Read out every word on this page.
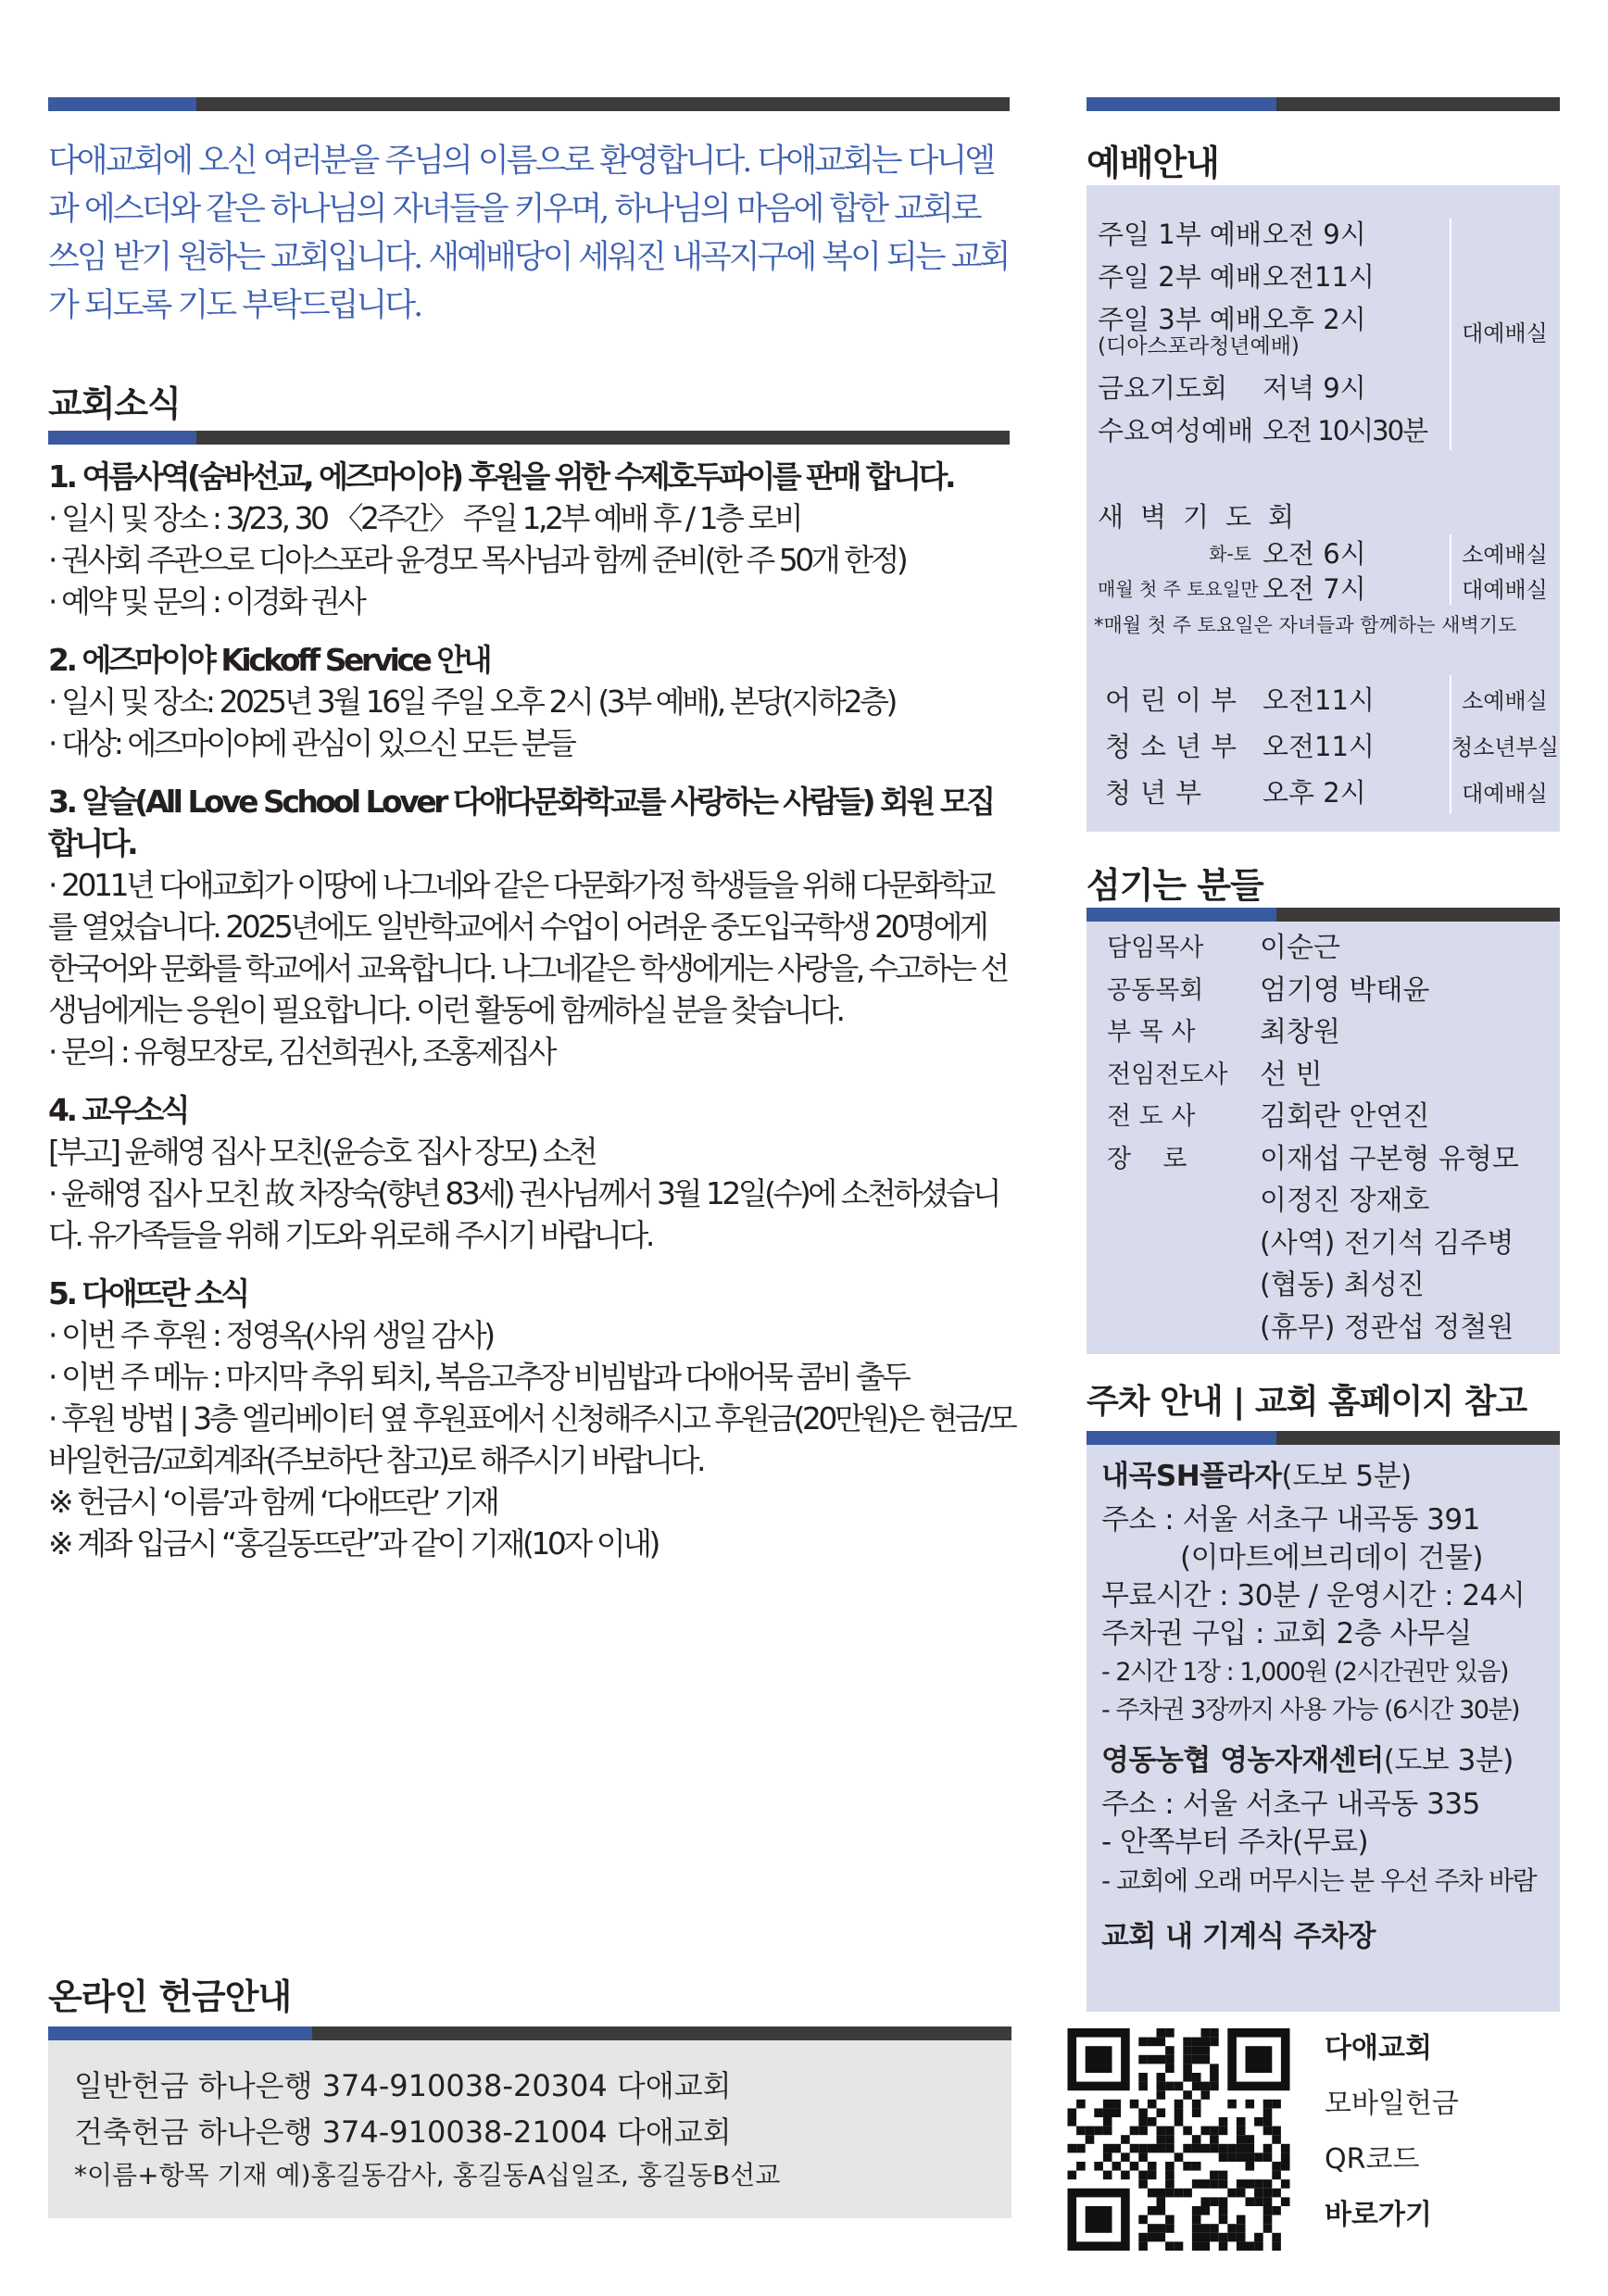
다애교회에 오신 여러분을 주님의 이름으로 환영합니다. 다애교회는 다니엘과 에스더와 같은 하나님의 자녀들을 키우며, 하나님의 마음에 합한 교회로 쓰임 받기 원하는 교회입니다. 새예배당이 세워진 내곡지구에 복이 되는 교회가 되도록 기도 부탁드립니다.

교회소식
1. 여름사역(숨바선교, 에즈마이야) 후원을 위한 수제호두파이를 판매 합니다.
· 일시 및 장소 : 3/23, 30 〈2주간〉 주일 1,2부 예배 후 / 1층 로비
· 권사회 주관으로 디아스포라 윤경모 목사님과 함께 준비(한 주 50개 한정)
· 예약 및 문의 : 이경화 권사
2. 에즈마이야 Kickoff Service 안내
· 일시 및 장소: 2025년 3월 16일 주일 오후 2시 (3부 예배), 본당(지하2층)
· 대상: 에즈마이야에 관심이 있으신 모든 분들
3. 알슬(All Love School Lover 다애다문화학교를 사랑하는 사람들) 회원 모집합니다.
· 2011년 다애교회가 이땅에 나그네와 같은 다문화가정 학생들을 위해 다문화학교를 열었습니다. 2025년에도 일반학교에서 수업이 어려운 중도입국학생 20명에게 한국어와 문화를 학교에서 교육합니다. 나그네같은 학생에게는 사랑을, 수고하는 선생님에게는 응원이 필요합니다. 이런 활동에 함께하실 분을 찾습니다.
· 문의 : 유형모장로, 김선희권사, 조홍제집사
4. 교우소식
[부고] 윤해영 집사 모친(윤승호 집사 장모) 소천
· 윤해영 집사 모친 故 차장숙(향년 83세) 권사님께서 3월 12일(수)에 소천하셨습니다. 유가족들을 위해 기도와 위로해 주시기 바랍니다.
5. 다애뜨란 소식
· 이번 주 후원 : 정영옥(사위 생일 감사)
· 이번 주 메뉴 : 마지막 추위 퇴치, 복음고추장 비빔밥과 다애어묵 콤비 출두
· 후원 방법 | 3층 엘리베이터 옆 후원표에서 신청해주시고 후원금(20만원)은 현금/모바일헌금/교회계좌(주보하단 참고)로 해주시기 바랍니다.
※ 헌금시 ‘이름’과 함께 ‘다애뜨란’ 기재
※ 계좌 입금시 “홍길동뜨란”과 같이 기재(10자 이내)
온라인 헌금안내
일반헌금 하나은행 374-910038-20304 다애교회
건축헌금 하나은행 374-910038-21004 다애교회
*이름+항목 기재 예)홍길동감사, 홍길동A십일조, 홍길동B선교
예배안내
주일 1부 예배 오전 9시
주일 2부 예배 오전11시
주일 3부 예배 오후 2시
(디아스포라청년예배)
금요기도회	저녁 9시
수요여성예배 오전 10시30분
대예배실
새벽기도회
화-토 오전 6시	소예배실
매월 첫 주 토요일만 오전 7시	대예배실
*매월 첫 주 토요일은 자녀들과 함께하는 새벽기도
어린이부 오전11시	소예배실
청소년부 오전11시	청소년부실
청년부	오후 2시	대예배실
섬기는 분들
담임목사	이순근
공동목회	엄기영 박태윤
부 목 사	최창원
전임전도사	선 빈
전 도 사	김회란 안연진
장    로	이재섭 구본형 유형모
이정진 장재호
(사역) 전기석 김주병
(협동) 최성진
(휴무) 정관섭 정철원
주차 안내 | 교회 홈페이지 참고
내곡SH플라자(도보 5분)
주소 : 서울 서초구 내곡동 391
(이마트에브리데이 건물)
무료시간 : 30분 / 운영시간 : 24시
주차권 구입 : 교회 2층 사무실
- 2시간 1장 : 1,000원 (2시간권만 있음)
- 주차권 3장까지 사용 가능 (6시간 30분)
영동농협 영농자재센터(도보 3분)
주소 : 서울 서초구 내곡동 335
- 안쪽부터 주차(무료)
- 교회에 오래 머무시는 분 우선 주차 바람
교회 내 기계식 주차장
다애교회
모바일헌금
QR코드
바로가기
